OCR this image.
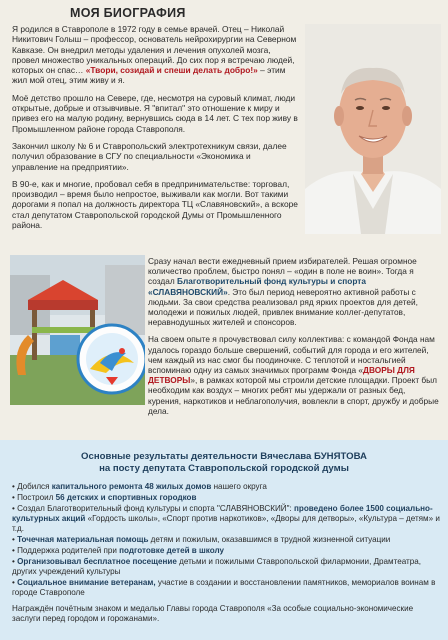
МОЯ БИОГРАФИЯ

Я родился в Ставрополе в 1972 году в семье врачей. Отец – Николай Никитович Голыш – профессор, основатель нейрохирургии на Северном Кавказе. Он внедрил методы удаления и лечения опухолей мозга, провел множество уникальных операций. До сих пор я встречаю людей, которых он спас… «Твори, созидай и спеши делать добро!» – этим жил мой отец, этим живу и я.

Моё детство прошло на Севере, где, несмотря на суровый климат, люди открытые, добрые и отзывчивые. Я "впитал" это отношение к миру и привез его на малую родину, вернувшись сюда в 14 лет. С тех пор живу в Промышленном районе города Ставрополя.

Закончил школу № 6 и Ставропольский электротехникум связи, далее получил образование в СГУ по специальности «Экономика и управление на предприятии».

В 90-е, как и многие, пробовал себя в предпринимательстве: торговал, производил – время было непростое, выживали как могли. Вот такими дорогами я попал на должность директора ТЦ «Славяновский», а вскоре стал депутатом Ставропольской городской Думы от Промышленного района.

Сразу начал вести ежедневный прием избирателей. Решая огромное количество проблем, быстро понял – «один в поле не воин». Тогда я создал Благотворительный фонд культуры и спорта «СЛАВЯНОВСКИЙ». Это был период невероятно активной работы с людьми. За свои средства реализовал ряд ярких проектов для детей, молодежи и пожилых людей, привлек внимание коллег-депутатов, неравнодушных жителей и спонсоров.

На своем опыте я прочувствовал силу коллектива: с командой Фонда нам удалось гораздо больше свершений, событий для города и его жителей, чем каждый из нас смог бы поодиночке. С теплотой и ностальгией вспоминаю одну из самых значимых программ Фонда «ДВОРЫ ДЛЯ ДЕТВОРЫ», в рамках которой мы строили детские площадки. Проект был необходим как воздух – многих ребят мы удержали от разных бед, курения, наркотиков и неблагополучия, вовлекли в спорт, дружбу и добрые дела.

Основные результаты деятельности Вячеслава БУНЯТОВА
на посту депутата Ставропольской городской думы
• Добился капитального ремонта 48 жилых домов нашего округа
• Построил 56 детских и спортивных городков
• Создал Благотворительный фонд культуры и спорта "СЛАВЯНОВСКИЙ": проведено более 1500 социально-культурных акций «Гордость школы», «Спорт против наркотиков», «Дворы для детворы», «Культура – детям» и т.д.
• Точечная материальная помощь детям и пожилым, оказавшимся в трудной жизненной ситуации
• Поддержка родителей при подготовке детей в школу
• Организовывал бесплатное посещение детьми и пожилыми Ставропольской филармонии, Драмтеатра, других учреждений культуры
• Социальное внимание ветеранам, участие в создании и восстановлении памятников, мемориалов воинам в городе Ставрополе
Награждён почётным знаком и медалью Главы города Ставрополя «За особые социально-экономические заслуги перед городом и горожанами».
